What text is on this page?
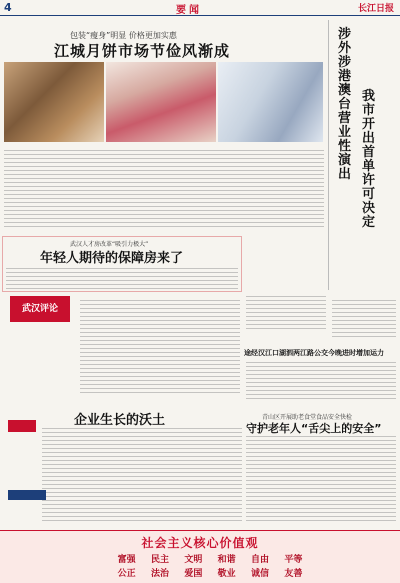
4	要闻	长江日报
包装“瘦身”明显 价格更加实惠
江城月饼市场节俭风渐成
涉外涉港澳台营业性演出
我市开出首单许可决定
武汉人才房改革“吸引力极大”
年轻人期待的保障房来了
武汉评论
途经汉江口湖泗两江路公交今晚进时增加运力
企业生长的沃土	青山区开展助老食堂食品安全快检
守护老年人“舌尖上的安全”
社会主义核心价值观
富强	民主	文明	和谐	自由	平等
公正	法治	爱国	敬业	诚信	友善
